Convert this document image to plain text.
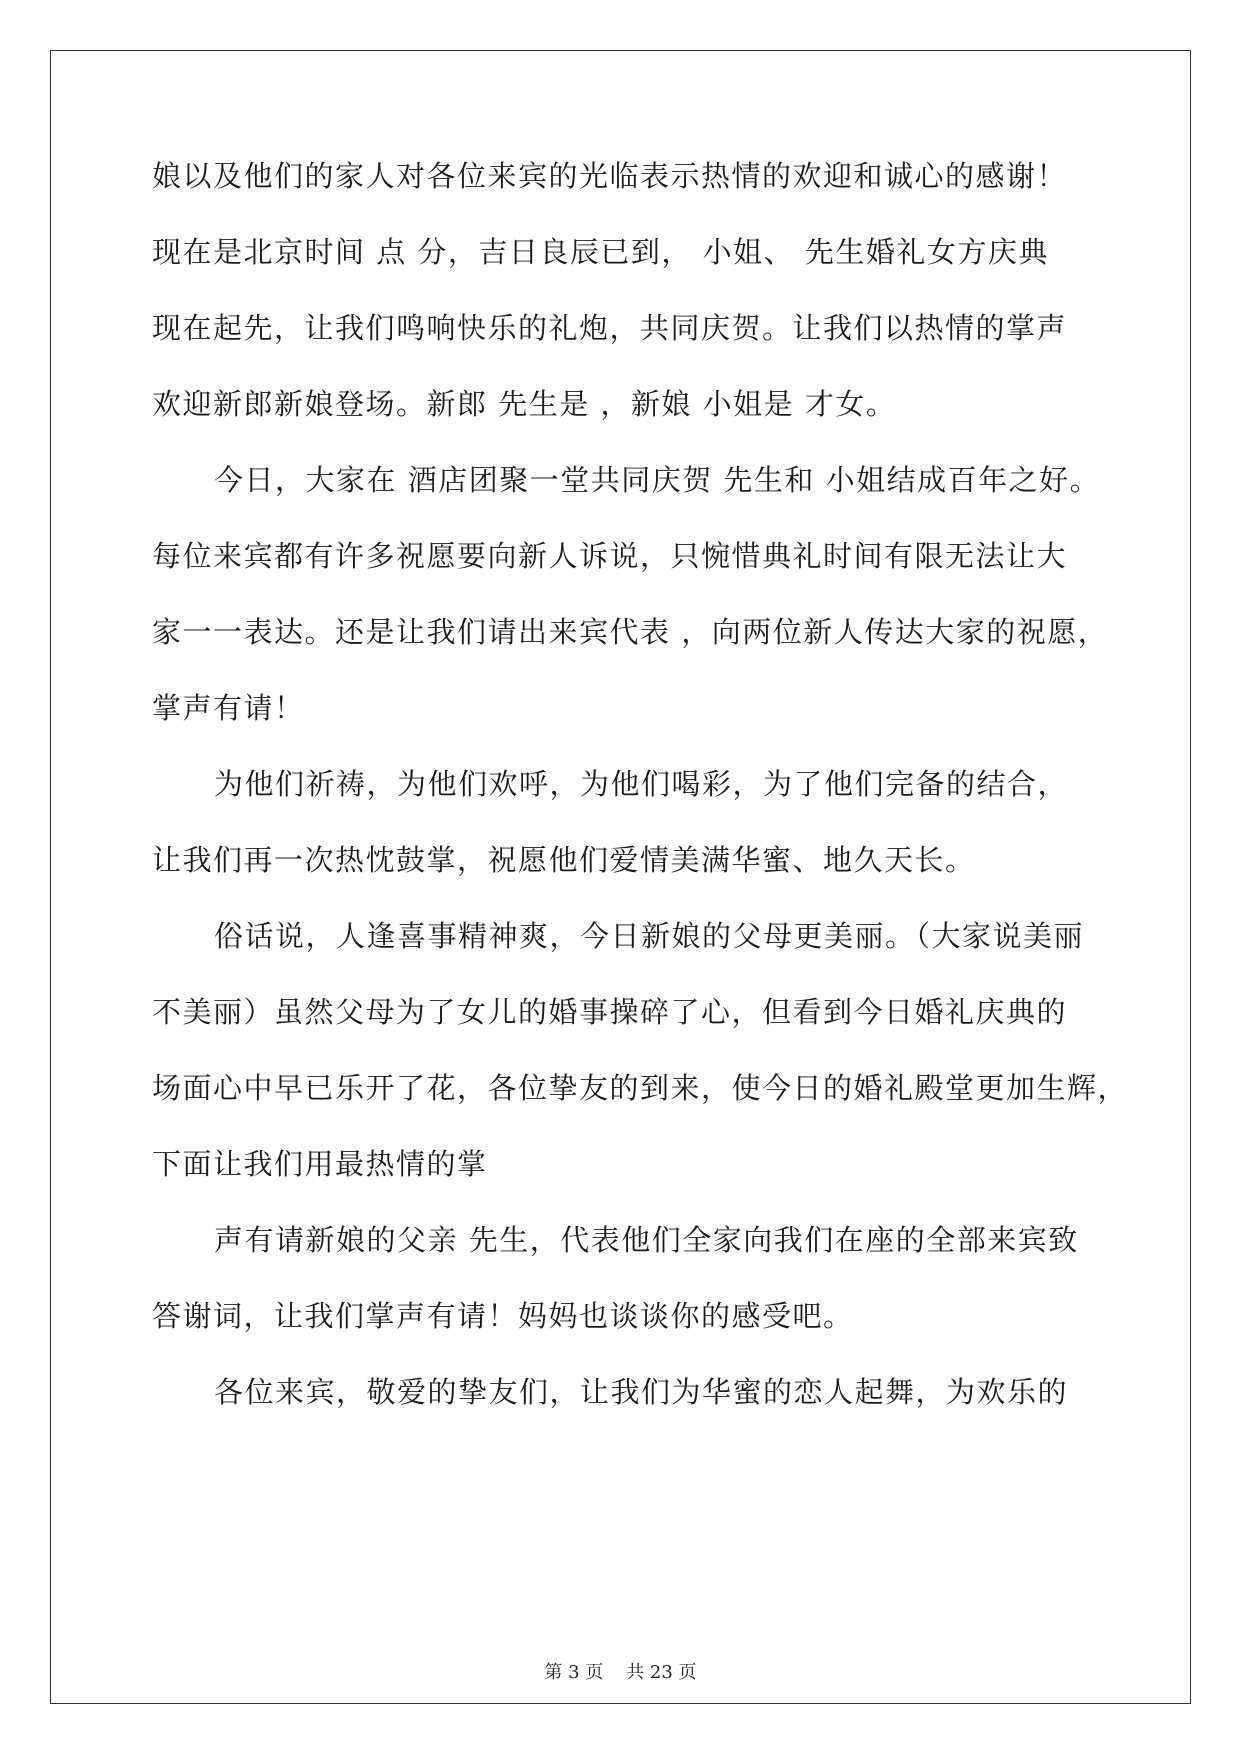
娘以及他们的家人对各位来宾的光临表示热情的欢迎和诚心的感谢！
现在是北京时间 点 分，吉日良辰已到， 小姐、 先生婚礼女方庆典
现在起先，让我们鸣响快乐的礼炮，共同庆贺。让我们以热情的掌声
欢迎新郎新娘登场。新郎 先生是 ，新娘 小姐是 才女。
今日，大家在 酒店团聚一堂共同庆贺 先生和 小姐结成百年之好。
每位来宾都有许多祝愿要向新人诉说，只惋惜典礼时间有限无法让大
家一一表达。还是让我们请出来宾代表 ，向两位新人传达大家的祝愿，
掌声有请！
为他们祈祷，为他们欢呼，为他们喝彩，为了他们完备的结合，
让我们再一次热忱鼓掌，祝愿他们爱情美满华蜜、地久天长。
俗话说，人逢喜事精神爽，今日新娘的父母更美丽。（大家说美丽
不美丽）虽然父母为了女儿的婚事操碎了心，但看到今日婚礼庆典的
场面心中早已乐开了花，各位挚友的到来，使今日的婚礼殿堂更加生辉，
下面让我们用最热情的掌
声有请新娘的父亲 先生，代表他们全家向我们在座的全部来宾致
答谢词，让我们掌声有请！妈妈也谈谈你的感受吧。
各位来宾，敬爱的挚友们，让我们为华蜜的恋人起舞，为欢乐的
第 3 页    共 23 页
